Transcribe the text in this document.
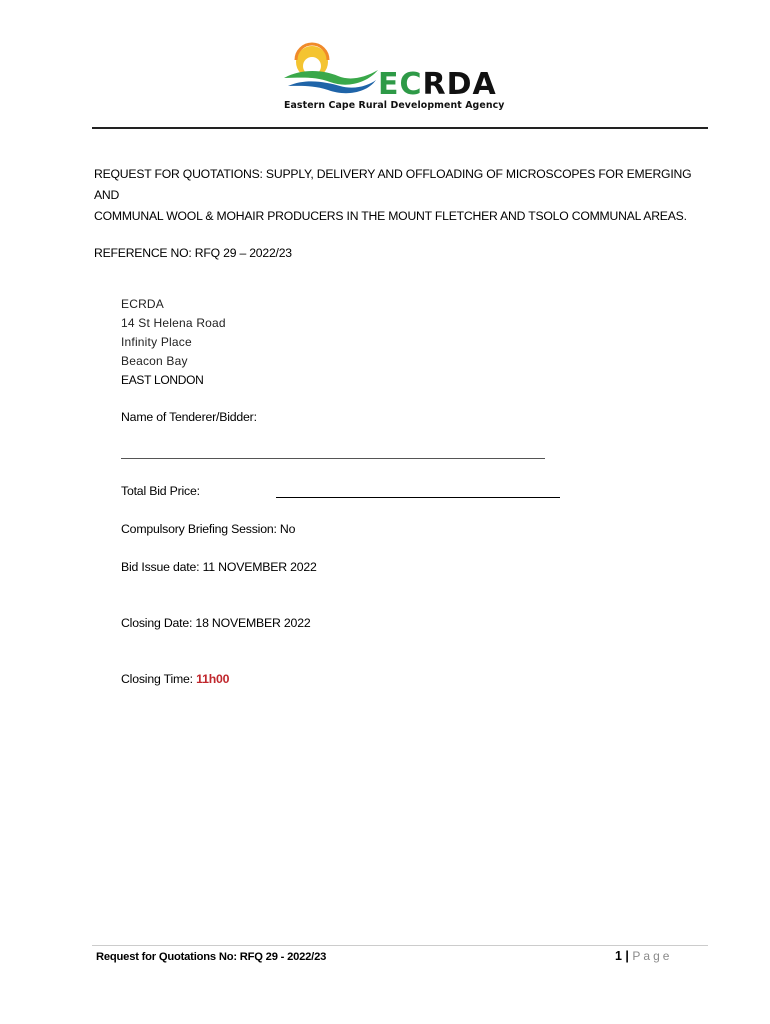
ECRDA
Eastern Cape Rural Development Agency
REQUEST FOR QUOTATIONS: SUPPLY, DELIVERY AND OFFLOADING OF MICROSCOPES FOR EMERGING AND
COMMUNAL WOOL & MOHAIR PRODUCERS IN THE MOUNT FLETCHER AND TSOLO COMMUNAL AREAS.
REFERENCE NO: RFQ 29 – 2022/23
ECRDA
14 St Helena Road
Infinity Place
Beacon Bay
EAST LONDON
Name of Tenderer/Bidder:
Total Bid Price:
Compulsory Briefing Session: No
Bid Issue date: 11 NOVEMBER 2022
Closing Date: 18 NOVEMBER 2022
Closing Time: 11h00
Request for Quotations No: RFQ 29 - 2022/23	1 | Page
